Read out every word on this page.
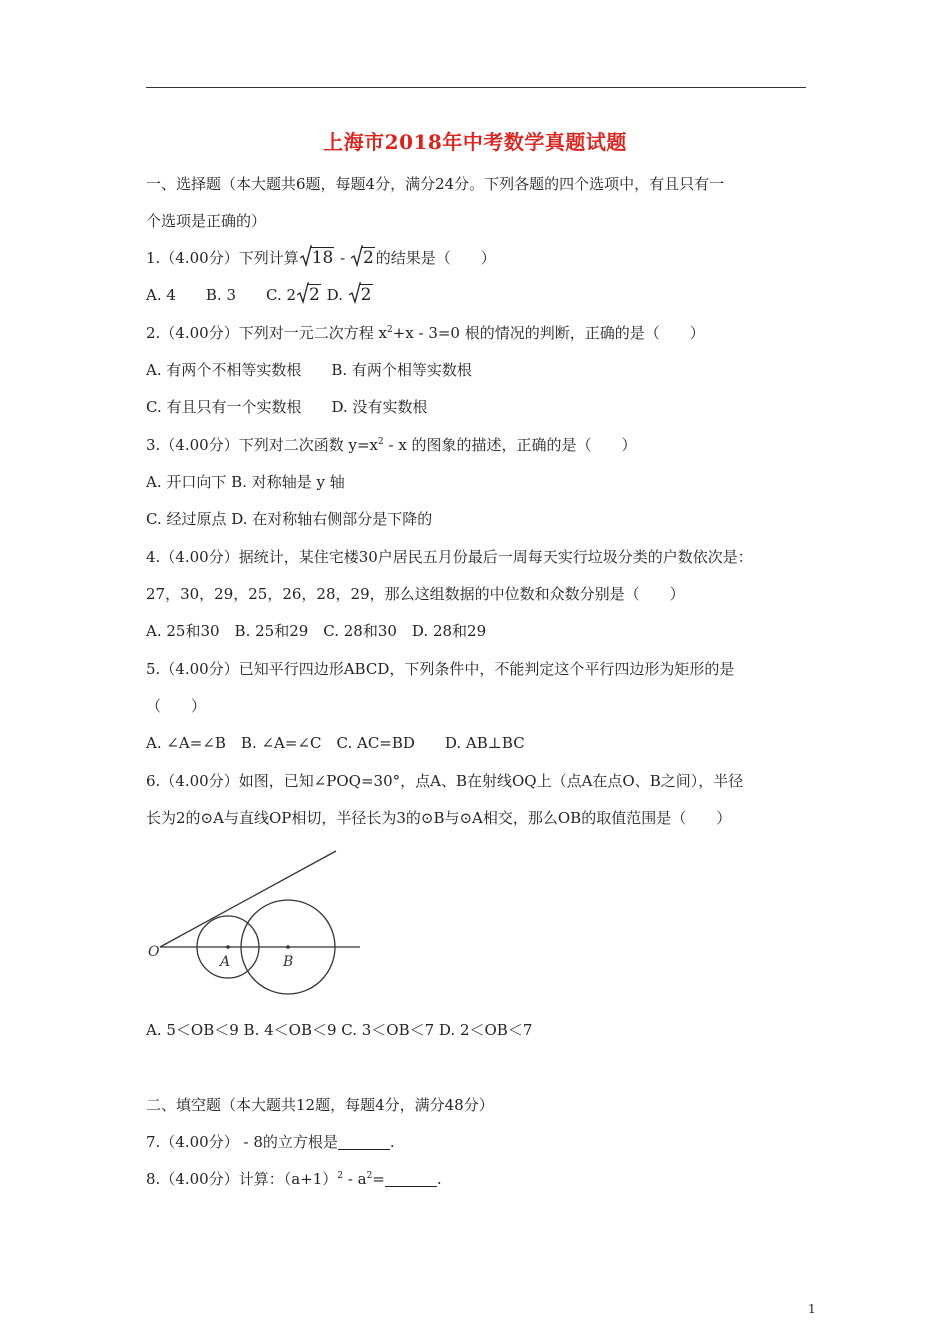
上海市2018年中考数学真题试题
一、选择题（本大题共6题，每题4分，满分24分。下列各题的四个选项中，有且只有一
个选项是正确的）
1.（4.00分）下列计算 18 -
2 的结果是（　　）
A. 4　　B. 3　　C. 2 2 D.
2
2.（4.00分）下列对一元二次方程 $x^2+x - 3=0$ 根的情况的判断，正确的是（　　）
A. 有两个不相等实数根　　B. 有两个相等实数根
C. 有且只有一个实数根　　D. 没有实数根
3.（4.00分）下列对二次函数 $y=x^2 - x$ 的图象的描述，正确的是（　　）
A. 开口向下 B. 对称轴是 y 轴
C. 经过原点 D. 在对称轴右侧部分是下降的
4.（4.00分）据统计，某住宅楼30户居民五月份最后一周每天实行垃圾分类的户数依次是：
27，30，29，25，26，28，29，那么这组数据的中位数和众数分别是（　　）
A. 25和30　B. 25和29　C. 28和30　D. 28和29
5.（4.00分）已知平行四边形ABCD，下列条件中，不能判定这个平行四边形为矩形的是
（　　）
A. ∠A=∠B　B. ∠A=∠C　C. AC=BD　　D. AB⊥BC
6.（4.00分）如图，已知∠POQ=30°，点A、B在射线OQ上（点A在点O、B之间），半径
长为2的⊙A与直线OP相切，半径长为3的⊙B与⊙A相交，那么OB的取值范围是（　　）
O
A	B
A. 5＜OB＜9 B. 4＜OB＜9 C. 3＜OB＜7 D. 2＜OB＜7
二、填空题（本大题共12题，每题4分，满分48分）
7.（4.00分） - 8的立方根是	.
8.（4.00分）计算：$(a+1)^2 - a^2=$	.
1
